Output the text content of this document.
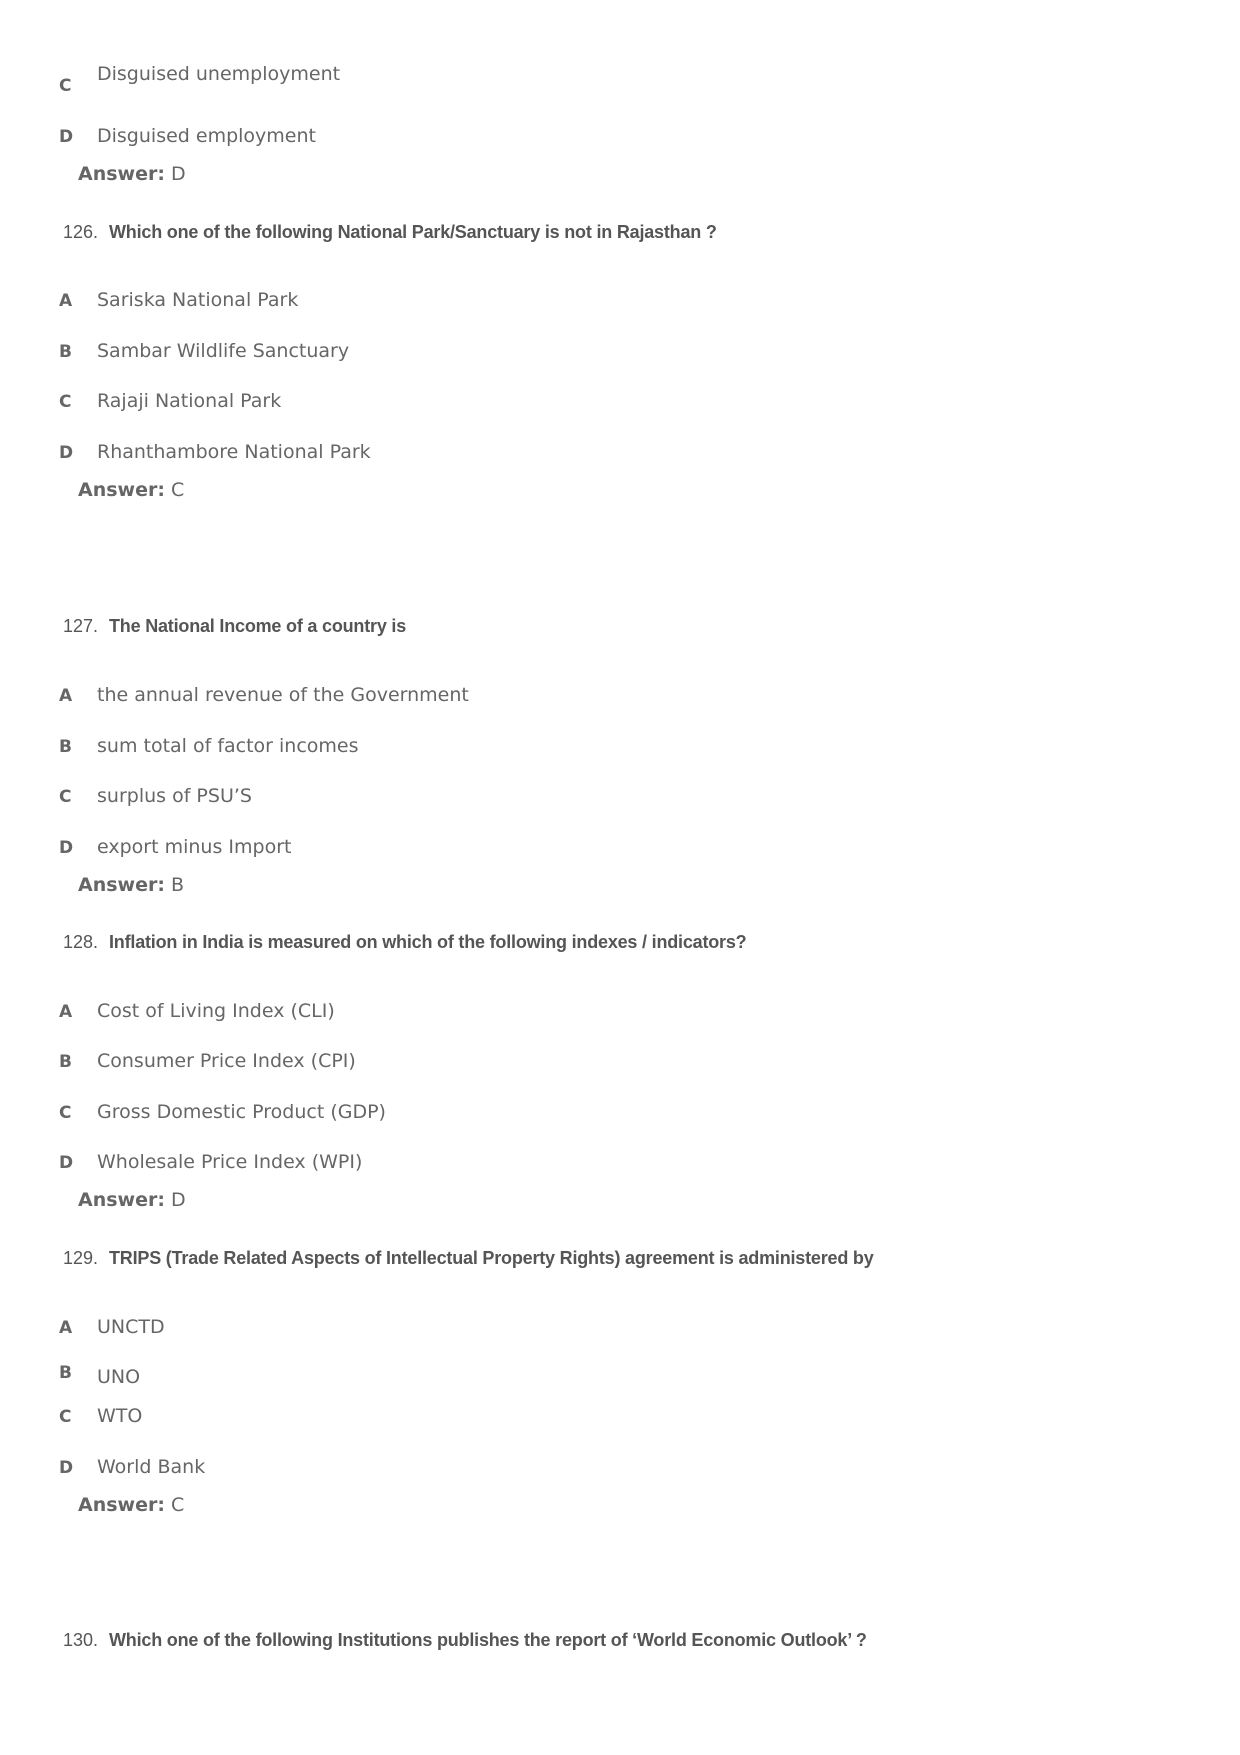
C
Disguised unemployment
D Disguised employment
Answer: D
126. Which one of the following National Park/Sanctuary is not in Rajasthan ?
A Sariska National Park
B Sambar Wildlife Sanctuary
C Rajaji National Park
D Rhanthambore National Park
Answer: C
127. The National Income of a country is
A the annual revenue of the Government
B sum total of factor incomes
C surplus of PSU’S
D export minus Import
Answer: B
128. Inflation in India is measured on which of the following indexes / indicators?
A Cost of Living Index (CLI)
B Consumer Price Index (CPI)
C Gross Domestic Product (GDP)
D Wholesale Price Index (WPI)
Answer: D
129. TRIPS (Trade Related Aspects of Intellectual Property Rights) agreement is administered by
A UNCTD
B UNO
C WTO
D World Bank
Answer: C
130. Which one of the following Institutions publishes the report of ‘World Economic Outlook’ ?
